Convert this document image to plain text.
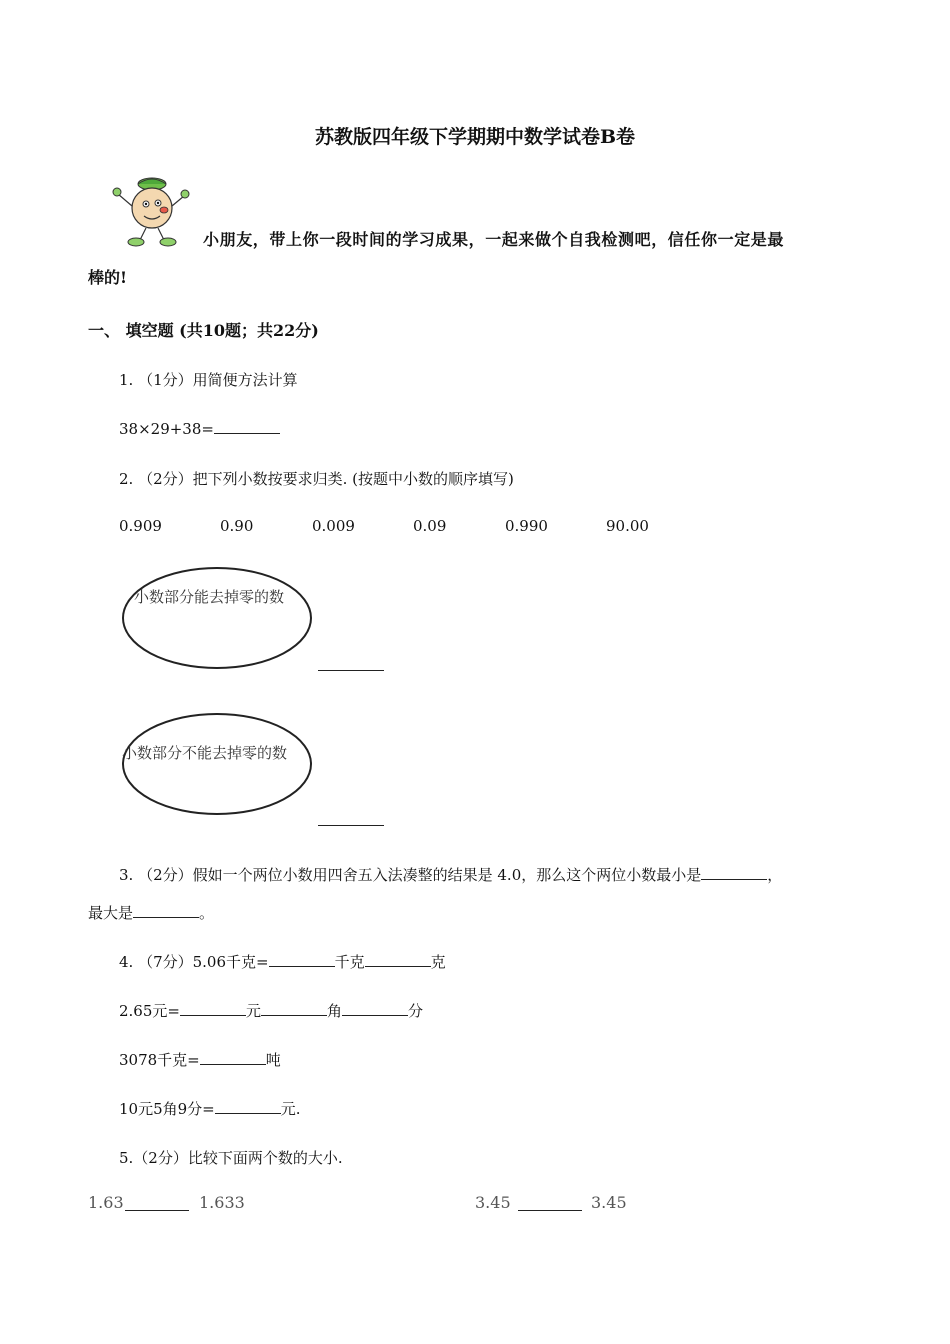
苏教版四年级下学期期中数学试卷B卷
小朋友，带上你一段时间的学习成果，一起来做个自我检测吧，信任你一定是最
棒的!
一、 填空题 (共10题；共22分)
1. （1分）用简便方法计算
38×29+38=
2. （2分）把下列小数按要求归类. (按题中小数的顺序填写)
0.909	0.90	0.009	0.09	0.990	90.00
小数部分能去掉零的数
小数部分不能去掉零的数
3. （2分）假如一个两位小数用四舍五入法凑整的结果是 4.0，那么这个两位小数最小是	，
最大是	。
4. （7分）5.06千克=	千克	克
2.65元=	元	角	分
3078千克=	吨
10元5角9分=	元.
5.（2分）比较下面两个数的大小.
1.63	1.633	3.45	3.45
